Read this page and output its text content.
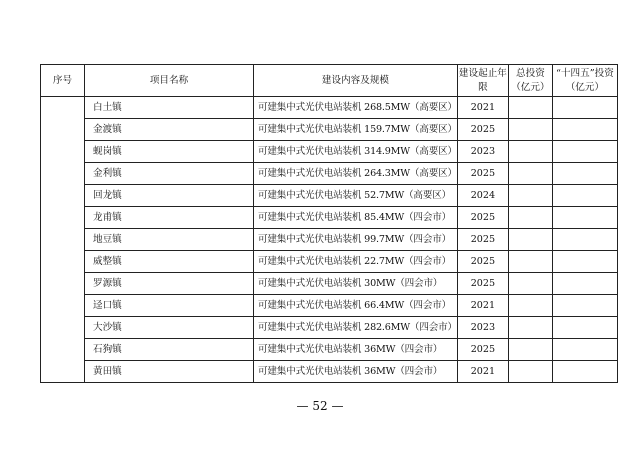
序号	项目名称	建设内容及规模	建设起止年限	总投资（亿元）	“十四五”投资（亿元）
	白土镇	可建集中式光伏电站装机 268.5MW（高要区）	2021		
	金渡镇	可建集中式光伏电站装机 159.7MW（高要区）	2025		
	蚬岗镇	可建集中式光伏电站装机 314.9MW（高要区）	2023		
	金利镇	可建集中式光伏电站装机 264.3MW（高要区）	2025		
	回龙镇	可建集中式光伏电站装机 52.7MW（高要区）	2024		
	龙甫镇	可建集中式光伏电站装机 85.4MW（四会市）	2025		
	地豆镇	可建集中式光伏电站装机 99.7MW（四会市）	2025		
	威整镇	可建集中式光伏电站装机 22.7MW（四会市）	2025		
	罗源镇	可建集中式光伏电站装机 30MW（四会市）	2025		
	迳口镇	可建集中式光伏电站装机 66.4MW（四会市）	2021		
	大沙镇	可建集中式光伏电站装机 282.6MW（四会市）	2023		
	石狗镇	可建集中式光伏电站装机 36MW（四会市）	2025		
	黄田镇	可建集中式光伏电站装机 36MW（四会市）	2021		
— 52 —
